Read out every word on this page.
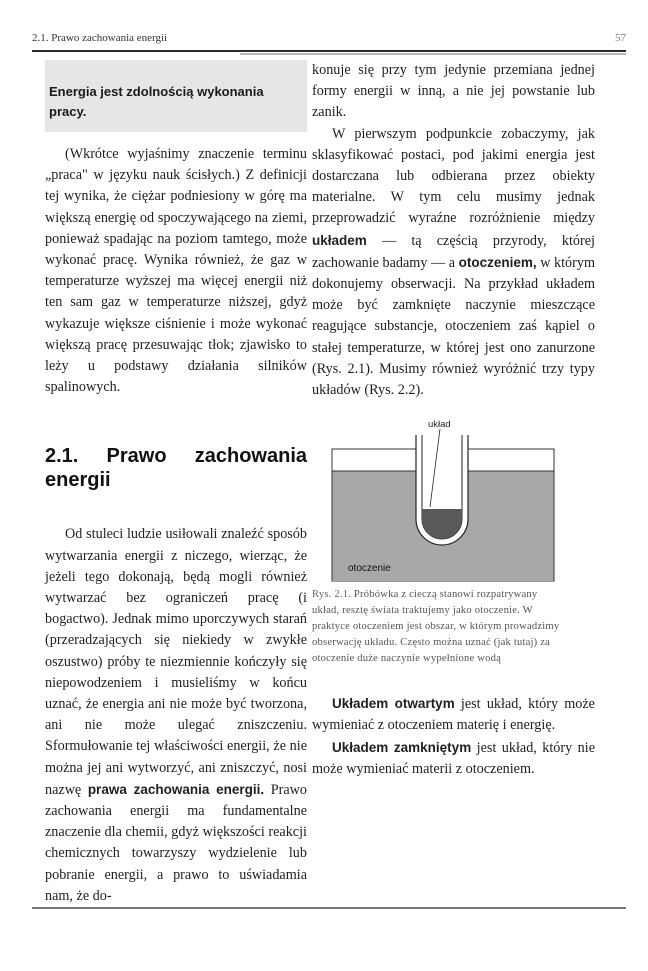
2.1. Prawo zachowania energii	57

Energia jest zdolnością wykonania pracy.

(Wkrótce wyjaśnimy znaczenie terminu „praca" w języku nauk ścisłych.) Z definicji tej wynika, że ciężar podniesiony w górę ma większą energię od spoczywającego na ziemi, ponieważ spadając na poziom tamtego, może wykonać pracę. Wynika również, że gaz w temperaturze wyższej ma więcej energii niż ten sam gaz w temperaturze niższej, gdyż wykazuje większe ciśnienie i może wykonać większą pracę przesuwając tłok; zjawisko to leży u podstawy działania silników spalinowych.

2.1. Prawo zachowania energii

Od stuleci ludzie usiłowali znaleźć sposób wytwarzania energii z niczego, wierząc, że jeżeli tego dokonają, będą mogli również wytwarzać bez ograniczeń pracę (i bogactwo). Jednak mimo uporczywych starań (przeradzających się niekiedy w zwykłe oszustwo) próby te niezmiennie kończyły się niepowodzeniem i musieliśmy w końcu uznać, że energia ani nie może być tworzona, ani nie może ulegać zniszczeniu. Sformułowanie tej właściwości energii, że nie można jej ani wytworzyć, ani zniszczyć, nosi nazwę prawa zachowania energii. Prawo zachowania energii ma fundamentalne znaczenie dla chemii, gdyż większości reakcji chemicznych towarzyszy wydzielenie lub pobranie energii, a prawo to uświadamia nam, że do-

konuje się przy tym jedynie przemiana jednej formy energii w inną, a nie jej powstanie lub zanik.

W pierwszym podpunkcie zobaczymy, jak sklasyfikować postaci, pod jakimi energia jest dostarczana lub odbierana przez obiekty materialne. W tym celu musimy jednak przeprowadzić wyraźne rozróżnienie między układem — tą częścią przyrody, której zachowanie badamy — a otoczeniem, w którym dokonujemy obserwacji. Na przykład układem może być zamknięte naczynie mieszczące reagujące substancje, otoczeniem zaś kąpiel o stałej temperaturze, w której jest ono zanurzone (Rys. 2.1). Musimy również wyróżnić trzy typy układów (Rys. 2.2).

układ
otoczenie

Rys. 2.1. Próbówka z cieczą stanowi rozpatrywany układ, resztę świata traktujemy jako otoczenie. W praktyce otoczeniem jest obszar, w którym prowadzimy obserwację układu. Często można uznać (jak tutaj) za otoczenie duże naczynie wypełnione wodą

Układem otwartym jest układ, który może wymieniać z otoczeniem materię i energię.

Układem zamkniętym jest układ, który nie może wymieniać materii z otoczeniem.
